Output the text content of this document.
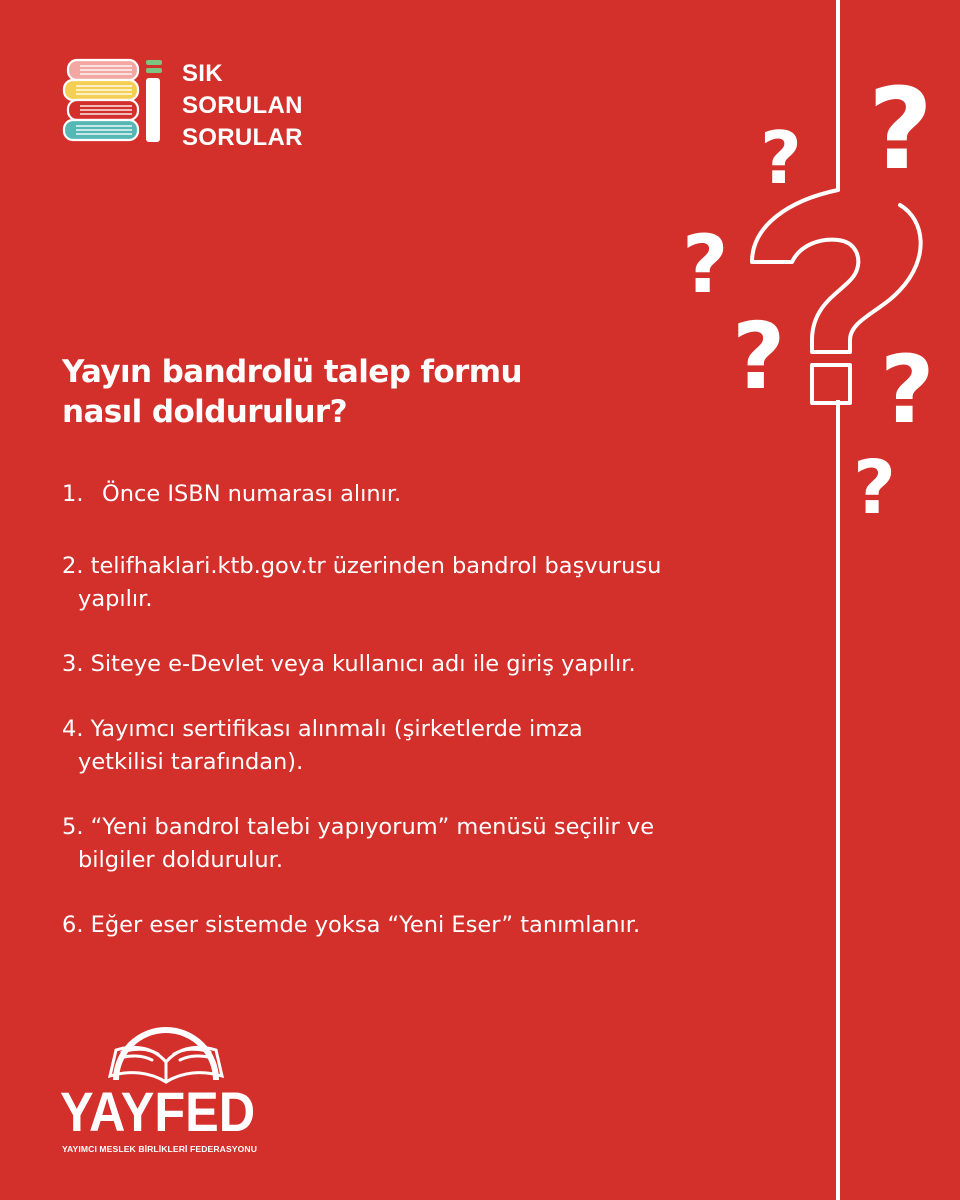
SIK
SORULAN
SORULAR	? ?
?
? ?
?
Yayın bandrolü talep formu
nasıl doldurulur?
1. Önce ISBN numarası alınır.
2. telifhaklari.ktb.gov.tr üzerinden bandrol başvurusu
yapılır.
3. Siteye e-Devlet veya kullanıcı adı ile giriş yapılır.
4. Yayımcı sertifikası alınmalı (şirketlerde imza
yetkilisi tarafından).
5. “Yeni bandrol talebi yapıyorum” menüsü seçilir ve
bilgiler doldurulur.
6. Eğer eser sistemde yoksa “Yeni Eser” tanımlanır.
YAYFED
YAYIMCI MESLEK BİRLİKLERİ FEDERASYONU
